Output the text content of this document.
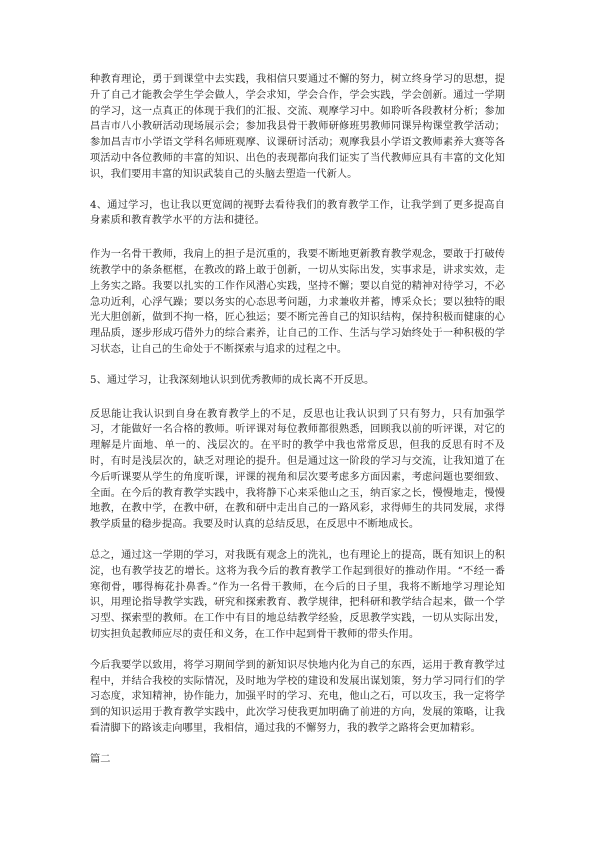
种教育理论，勇于到课堂中去实践，我相信只要通过不懈的努力，树立终身学习的思想，提升了自己才能教会学生学会做人，学会求知，学会合作，学会实践，学会创新。通过一学期的学习，这一点真正的体现于我们的汇报、交流、观摩学习中。如聆听各段教材分析；参加昌吉市八小教研活动现场展示会；参加我县骨干教师研修班男教师同课异构课堂教学活动；参加昌吉市小学语文学科名师班观摩、议课研讨活动；观摩我县小学语文教师素养大赛等各项活动中各位教师的丰富的知识、出色的表现都向我们证实了当代教师应具有丰富的文化知识，我们要用丰富的知识武装自己的头脑去塑造一代新人。

4、通过学习，也让我以更宽阔的视野去看待我们的教育教学工作，让我学到了更多提高自身素质和教育教学水平的方法和捷径。

作为一名骨干教师，我肩上的担子是沉重的，我要不断地更新教育教学观念，要敢于打破传统教学中的条条框框，在教改的路上敢于创新，一切从实际出发，实事求是，讲求实效，走上务实之路。我要以扎实的工作作风潜心实践，坚持不懈；要以自觉的精神对待学习，不必急功近利，心浮气躁；要以务实的心态思考问题，力求兼收并蓄，博采众长；要以独特的眼光大胆创新，做到不拘一格，匠心独运；要不断完善自己的知识结构，保持积极而健康的心理品质，逐步形成巧借外力的综合素养，让自己的工作、生活与学习始终处于一种积极的学习状态，让自己的生命处于不断探索与追求的过程之中。

5、通过学习，让我深刻地认识到优秀教师的成长离不开反思。

反思能让我认识到自身在教育教学上的不足，反思也让我认识到了只有努力，只有加强学习，才能做好一名合格的教师。听评课对每位教师都很熟悉，回顾我以前的听评课，对它的理解是片面地、单一的、浅层次的。在平时的教学中我也常常反思，但我的反思有时不及时，有时是浅层次的，缺乏对理论的提升。但是通过这一阶段的学习与交流，让我知道了在今后听课要从学生的角度听课，评课的视角和层次要考虑多方面因素，考虑问题也要细致、全面。在今后的教育教学实践中，我将静下心来采他山之玉，纳百家之长，慢慢地走，慢慢地教，在教中学，在教中研，在教和研中走出自己的一路风彩，求得师生的共同发展，求得教学质量的稳步提高。我要及时认真的总结反思，在反思中不断地成长。

总之，通过这一学期的学习，对我既有观念上的洗礼，也有理论上的提高，既有知识上的积淀，也有教学技艺的增长。这将为我今后的教育教学工作起到很好的推动作用。“不经一番寒彻骨，哪得梅花扑鼻香。”作为一名骨干教师，在今后的日子里，我将不断地学习理论知识，用理论指导教学实践，研究和探索教育、教学规律，把科研和教学结合起来，做一个学习型、探索型的教师。在工作中有目的地总结教学经验，反思教学实践，一切从实际出发，切实担负起教师应尽的责任和义务，在工作中起到骨干教师的带头作用。

今后我要学以致用，将学习期间学到的新知识尽快地内化为自己的东西，运用于教育教学过程中，并结合我校的实际情况，及时地为学校的建设和发展出谋划策，努力学习同行们的学习态度，求知精神，协作能力，加强平时的学习、充电，他山之石，可以攻玉，我一定将学到的知识运用于教育教学实践中，此次学习使我更加明确了前进的方向，发展的策略，让我看清脚下的路该走向哪里，我相信，通过我的不懈努力，我的教学之路将会更加精彩。

篇二
